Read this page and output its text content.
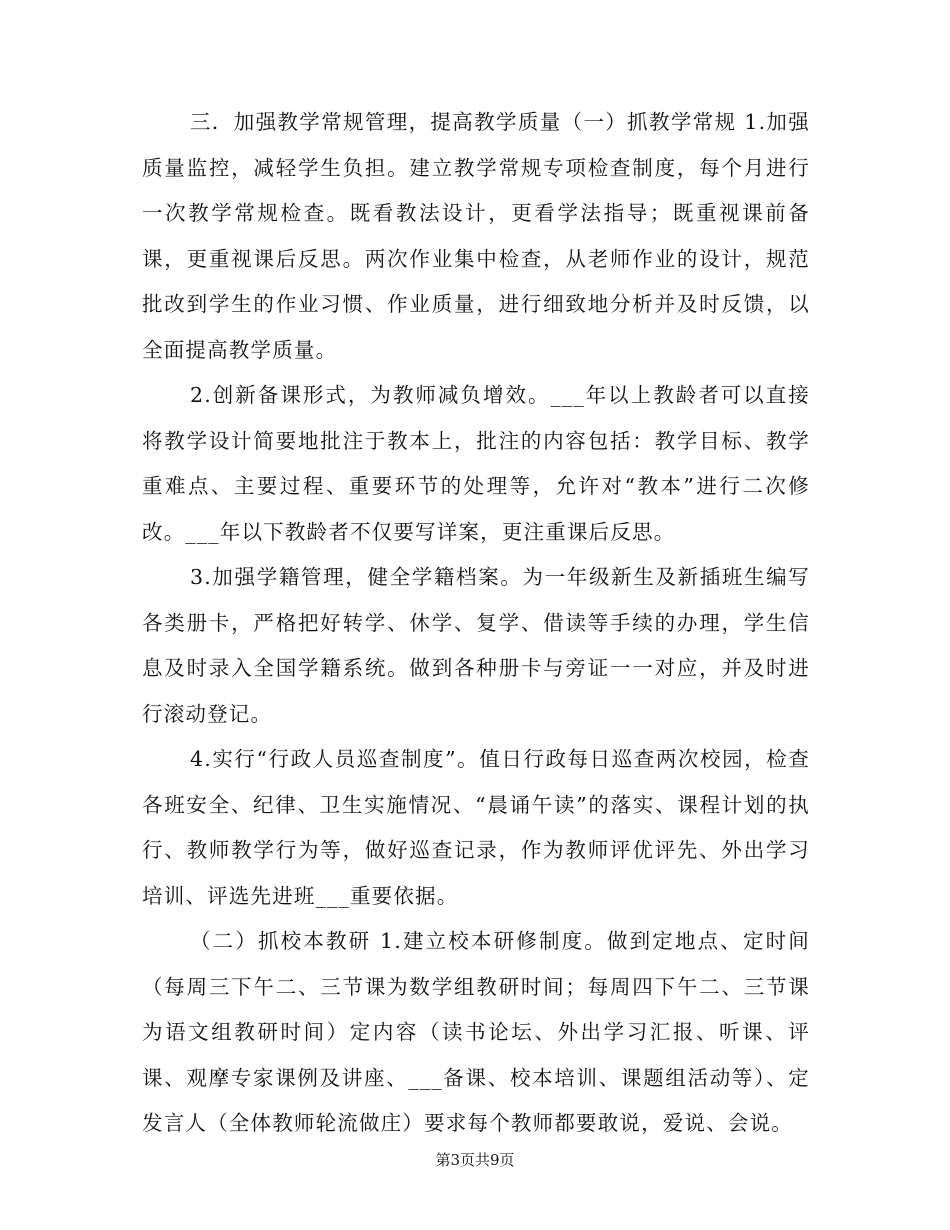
三．加强教学常规管理，提高教学质量（一）抓教学常规 1.加强质量监控，减轻学生负担。建立教学常规专项检查制度，每个月进行一次教学常规检查。既看教法设计，更看学法指导；既重视课前备课，更重视课后反思。两次作业集中检查，从老师作业的设计，规范批改到学生的作业习惯、作业质量，进行细致地分析并及时反馈，以全面提高教学质量。

2.创新备课形式，为教师减负增效。___年以上教龄者可以直接将教学设计简要地批注于教本上，批注的内容包括：教学目标、教学重难点、主要过程、重要环节的处理等，允许对“教本”进行二次修改。___年以下教龄者不仅要写详案，更注重课后反思。

3.加强学籍管理，健全学籍档案。为一年级新生及新插班生编写各类册卡，严格把好转学、休学、复学、借读等手续的办理，学生信息及时录入全国学籍系统。做到各种册卡与旁证一一对应，并及时进行滚动登记。

4.实行“行政人员巡查制度”。值日行政每日巡查两次校园，检查各班安全、纪律、卫生实施情况、“晨诵午读”的落实、课程计划的执行、教师教学行为等，做好巡查记录，作为教师评优评先、外出学习培训、评选先进班___重要依据。

（二）抓校本教研 1.建立校本研修制度。做到定地点、定时间（每周三下午二、三节课为数学组教研时间；每周四下午二、三节课为语文组教研时间）定内容（读书论坛、外出学习汇报、听课、评课、观摩专家课例及讲座、___备课、校本培训、课题组活动等）、定发言人（全体教师轮流做庄）要求每个教师都要敢说，爱说、会说。

第3页共9页
